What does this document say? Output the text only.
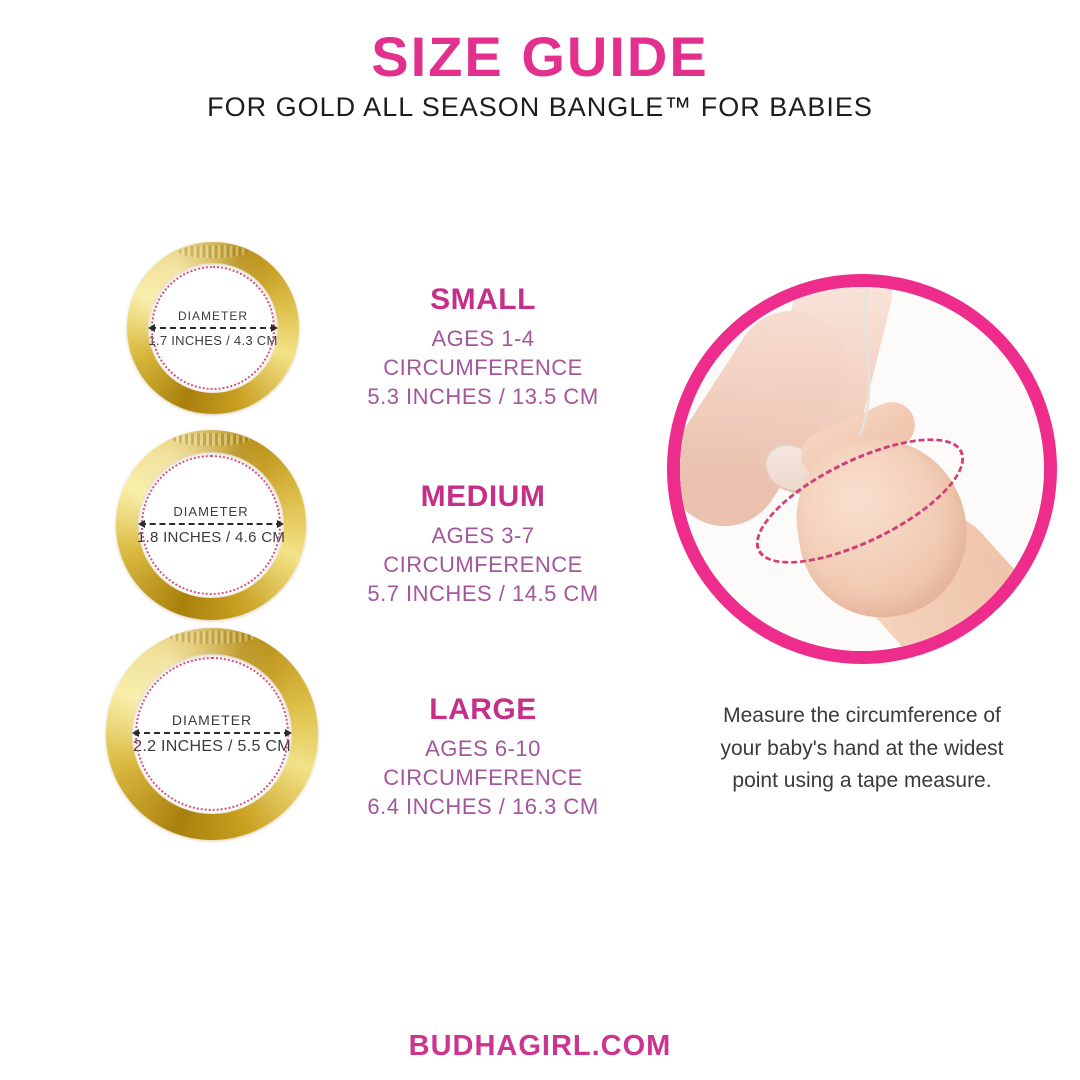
SIZE GUIDE
FOR GOLD ALL SEASON BANGLE™ FOR BABIES
DIAMETER
1.7 INCHES / 4.3 CM
DIAMETER
1.8 INCHES / 4.6 CM
DIAMETER
2.2 INCHES / 5.5 CM
SMALL
AGES 1-4
CIRCUMFERENCE
5.3 INCHES / 13.5 CM
MEDIUM
AGES 3-7
CIRCUMFERENCE
5.7 INCHES / 14.5 CM
LARGE
AGES 6-10
CIRCUMFERENCE
6.4 INCHES / 16.3 CM

Measure the circumference of your baby's hand at the widest point using a tape measure.

BUDHAGIRL.COM
